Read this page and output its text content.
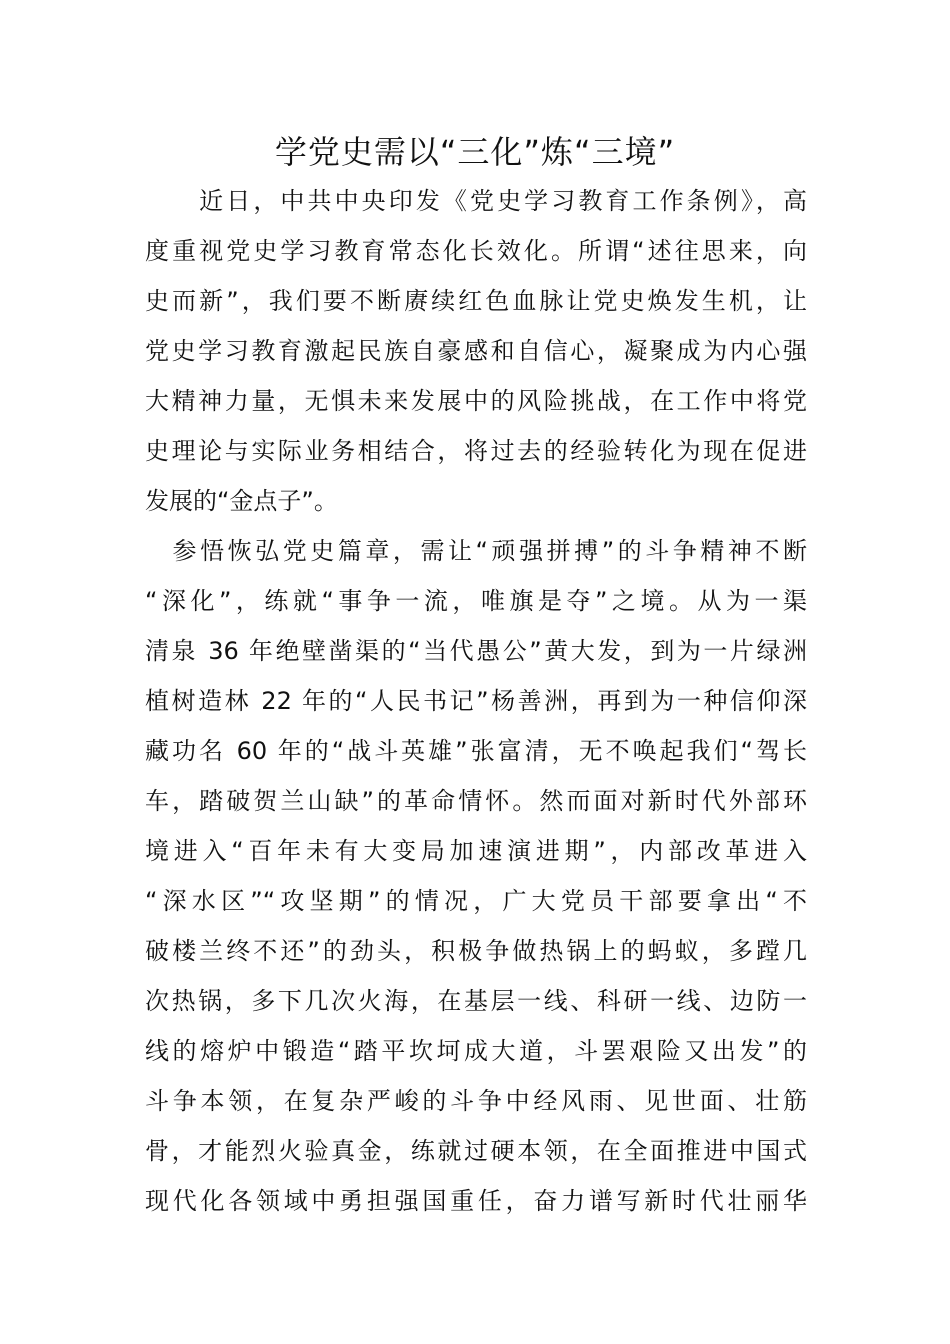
学党史需以“三化”炼“三境”
　　近日，中共中央印发《党史学习教育工作条例》，高
度重视党史学习教育常态化长效化。所谓“述往思来，向
史而新”，我们要不断赓续红色血脉让党史焕发生机，让
党史学习教育激起民族自豪感和自信心，凝聚成为内心强
大精神力量，无惧未来发展中的风险挑战，在工作中将党
史理论与实际业务相结合，将过去的经验转化为现在促进
发展的“金点子”。
　参悟恢弘党史篇章，需让“顽强拼搏”的斗争精神不断
“深化”，练就“事争一流，唯旗是夺”之境。从为一渠
清泉 36 年绝壁凿渠的“当代愚公”黄大发，到为一片绿洲
植树造林 22 年的“人民书记”杨善洲，再到为一种信仰深
藏功名 60 年的“战斗英雄”张富清，无不唤起我们“驾长
车，踏破贺兰山缺”的革命情怀。然而面对新时代外部环
境进入“百年未有大变局加速演进期”，内部改革进入
“深水区”“攻坚期”的情况，广大党员干部要拿出“不
破楼兰终不还”的劲头，积极争做热锅上的蚂蚁，多蹚几
次热锅，多下几次火海，在基层一线、科研一线、边防一
线的熔炉中锻造“踏平坎坷成大道，斗罢艰险又出发”的
斗争本领，在复杂严峻的斗争中经风雨、见世面、壮筋
骨，才能烈火验真金，练就过硬本领，在全面推进中国式
现代化各领域中勇担强国重任，奋力谱写新时代壮丽华
